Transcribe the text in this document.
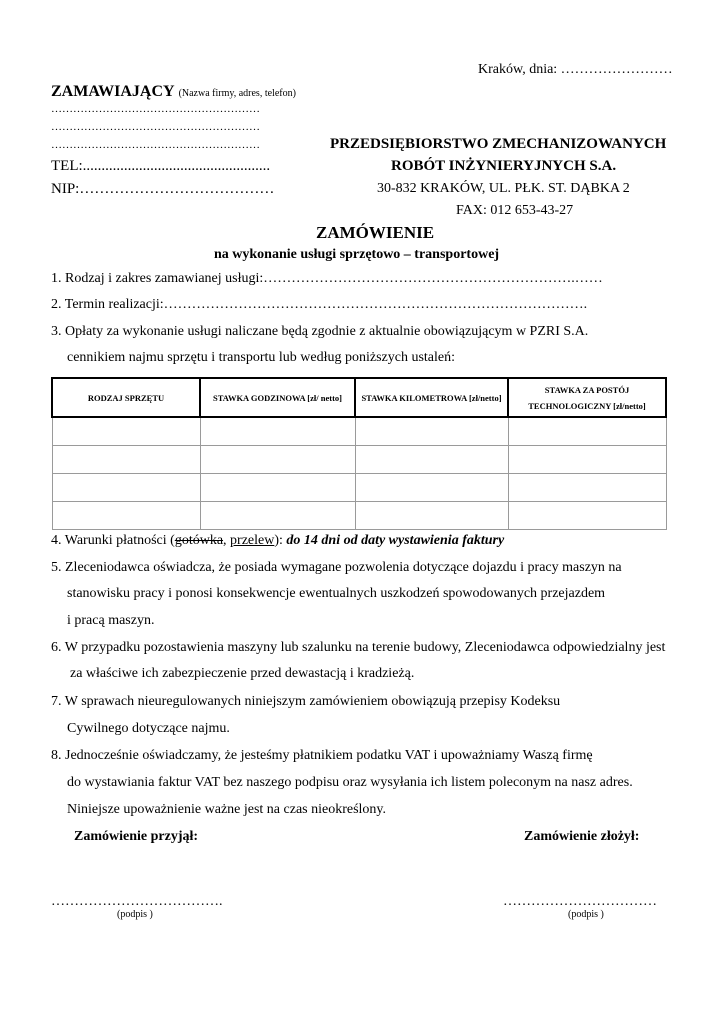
Kraków, dnia: ……………………
ZAMAWIAJĄCY (Nazwa firmy, adres, telefon)
…………………………………………………
…………………………………………………
…………………………………………………
TEL:..................................................
NIP:…………………………………
PRZEDSIĘBIORSTWO ZMECHANIZOWANYCH
ROBÓT INŻYNIERYJNYCH S.A.
30-832 KRAKÓW, UL. PŁK. ST. DĄBKA 2
FAX: 012 653-43-27
ZAMÓWIENIE
na wykonanie usługi sprzętowo – transportowej
1. Rodzaj i zakres zamawianej usługi:………………………………………………………….……
2. Termin realizacji:……………………………………………………………………………….
3. Opłaty za wykonanie usługi naliczane będą zgodnie z aktualnie obowiązującym w PZRI S.A.
cennikiem najmu sprzętu i transportu lub według poniższych ustaleń:
RODZAJ SPRZĘTU	STAWKA GODZINOWA [zł/ netto]	STAWKA KILOMETROWA [zł/netto]	STAWKA ZA POSTÓJ TECHNOLOGICZNY [zł/netto]

4. Warunki płatności (gotówka, przelew): do 14 dni od daty wystawienia faktury
5. Zleceniodawca oświadcza, że posiada wymagane pozwolenia dotyczące dojazdu i pracy maszyn na
stanowisku pracy i ponosi konsekwencje ewentualnych uszkodzeń spowodowanych przejazdem
i pracą maszyn.
6. W przypadku pozostawienia maszyny lub szalunku na terenie budowy, Zleceniodawca odpowiedzialny jest
za właściwe ich zabezpieczenie przed dewastacją i kradzieżą.
7. W sprawach nieuregulowanych niniejszym zamówieniem obowiązują przepisy Kodeksu
Cywilnego dotyczące najmu.
8. Jednocześnie oświadczamy, że jesteśmy płatnikiem podatku VAT i upoważniamy Waszą firmę
do wystawiania faktur VAT bez naszego podpisu oraz wysyłania ich listem poleconym na nasz adres.
Niniejsze upoważnienie ważne jest na czas nieokreślony.
Zamówienie przyjął:	Zamówienie złożył:
……………………………….	……………………………
(podpis )	(podpis )
